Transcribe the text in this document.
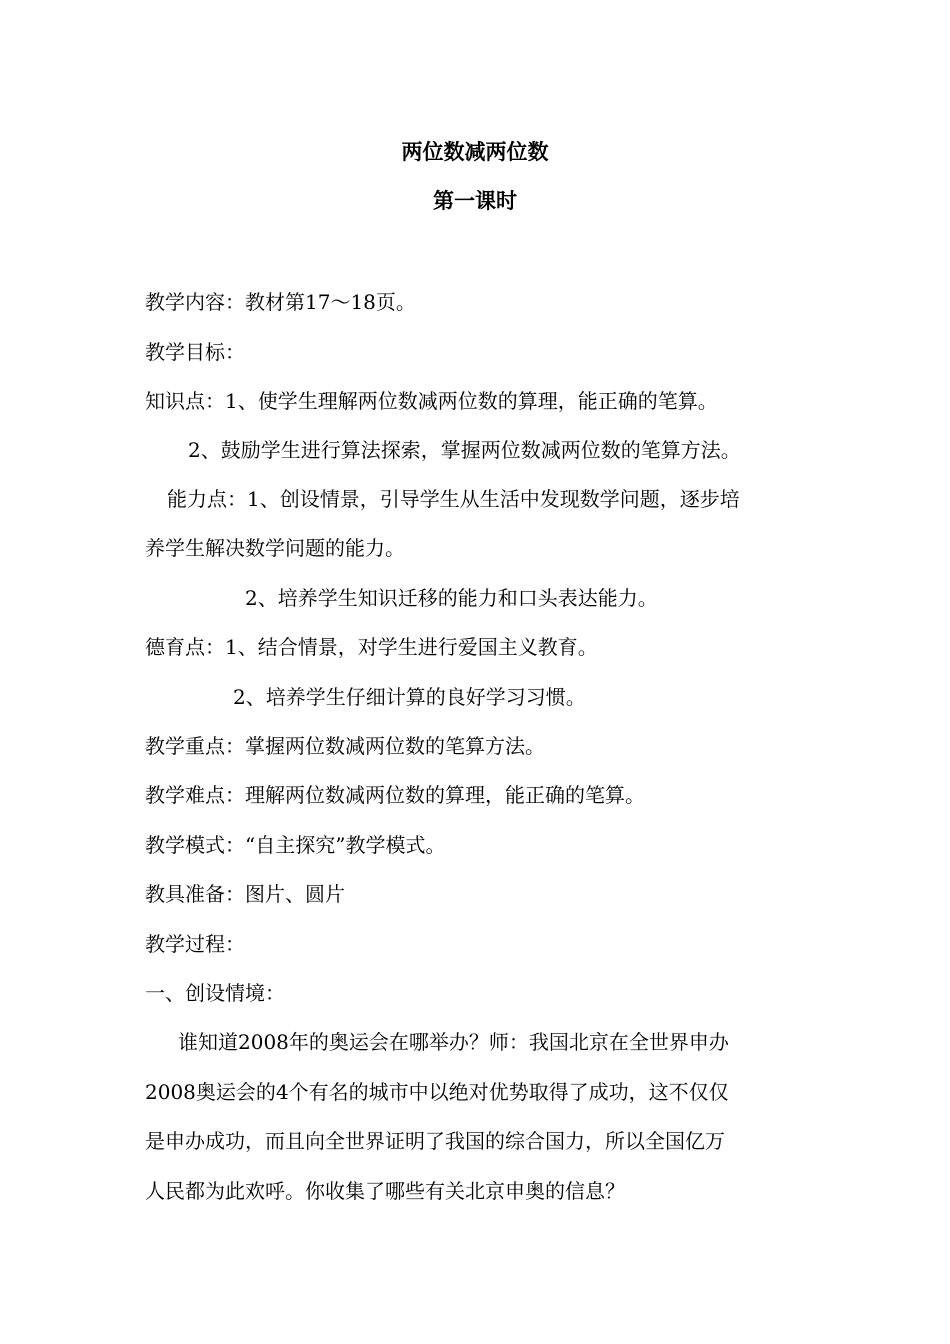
两位数减两位数
第一课时
教学内容：教材第17～18页。
教学目标：
知识点：1、使学生理解两位数减两位数的算理，能正确的笔算。
2、鼓励学生进行算法探索，掌握两位数减两位数的笔算方法。
能力点：1、创设情景，引导学生从生活中发现数学问题，逐步培
养学生解决数学问题的能力。
2、培养学生知识迁移的能力和口头表达能力。
德育点：1、结合情景，对学生进行爱国主义教育。
2、培养学生仔细计算的良好学习习惯。
教学重点：掌握两位数减两位数的笔算方法。
教学难点：理解两位数减两位数的算理，能正确的笔算。
教学模式：“自主探究”教学模式。
教具准备：图片、圆片
教学过程：
一、创设情境：
谁知道2008年的奥运会在哪举办？师：我国北京在全世界申办
2008奥运会的4个有名的城市中以绝对优势取得了成功，这不仅仅
是申办成功，而且向全世界证明了我国的综合国力，所以全国亿万
人民都为此欢呼。你收集了哪些有关北京申奥的信息？
